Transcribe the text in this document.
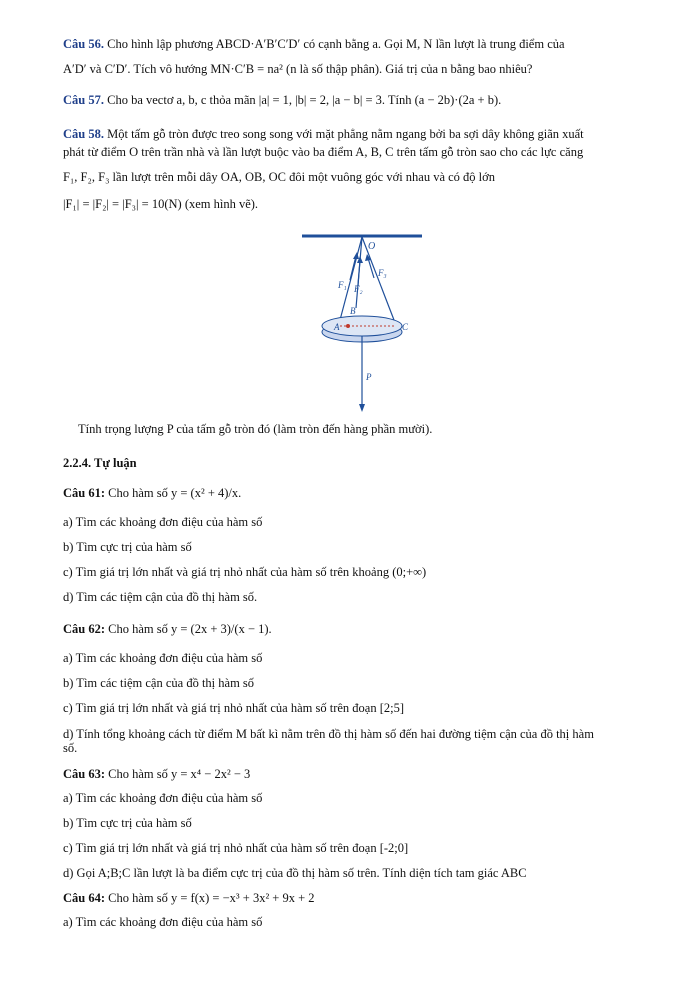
Câu 56. Cho hình lập phương ABCD·A′B′C′D′ có cạnh bằng a. Gọi M, N lần lượt là trung điểm của
A′D′ và C′D′. Tích vô hướng MN·C′B = na² (n là số thập phân). Giá trị của n bằng bao nhiêu?
Câu 57. Cho ba vectơ a, b, c thỏa mãn |a| = 1, |b| = 2, |a − b| = 3. Tính (a − 2b)·(2a + b).
Câu 58. Một tấm gỗ tròn được treo song song với mặt phẳng nằm ngang bởi ba sợi dây không giãn xuất
phát từ điểm O trên trần nhà và lần lượt buộc vào ba điểm A, B, C trên tấm gỗ tròn sao cho các lực căng
F₁, F₂, F₃ lần lượt trên mỗi dây OA, OB, OC đôi một vuông góc với nhau và có độ lớn
|F₁| = |F₂| = |F₃| = 10(N) (xem hình vẽ).
O
F₁ F₂
F₃
B
A	C
P
Tính trọng lượng P của tấm gỗ tròn đó (làm tròn đến hàng phần mười).
2.2.4. Tự luận
Câu 61: Cho hàm số y = (x² + 4)/x.
a) Tìm các khoảng đơn điệu của hàm số
b) Tìm cực trị của hàm số
c) Tìm giá trị lớn nhất và giá trị nhỏ nhất của hàm số trên khoảng (0;+∞)
d) Tìm các tiệm cận của đồ thị hàm số.
Câu 62: Cho hàm số y = (2x + 3)/(x − 1).
a) Tìm các khoảng đơn điệu của hàm số
b) Tìm các tiệm cận của đồ thị hàm số
c) Tìm giá trị lớn nhất và giá trị nhỏ nhất của hàm số trên đoạn [2;5]
d) Tính tổng khoảng cách từ điểm M bất kì nằm trên đồ thị hàm số đến hai đường tiệm cận của đồ thị hàm
số.
Câu 63: Cho hàm số y = x⁴ − 2x² − 3
a) Tìm các khoảng đơn điệu của hàm số
b) Tìm cực trị của hàm số
c) Tìm giá trị lớn nhất và giá trị nhỏ nhất của hàm số trên đoạn [-2;0]
d) Gọi A;B;C lần lượt là ba điểm cực trị của đồ thị hàm số trên. Tính diện tích tam giác ABC
Câu 64: Cho hàm số y = f(x) = −x³ + 3x² + 9x + 2
a) Tìm các khoảng đơn điệu của hàm số
